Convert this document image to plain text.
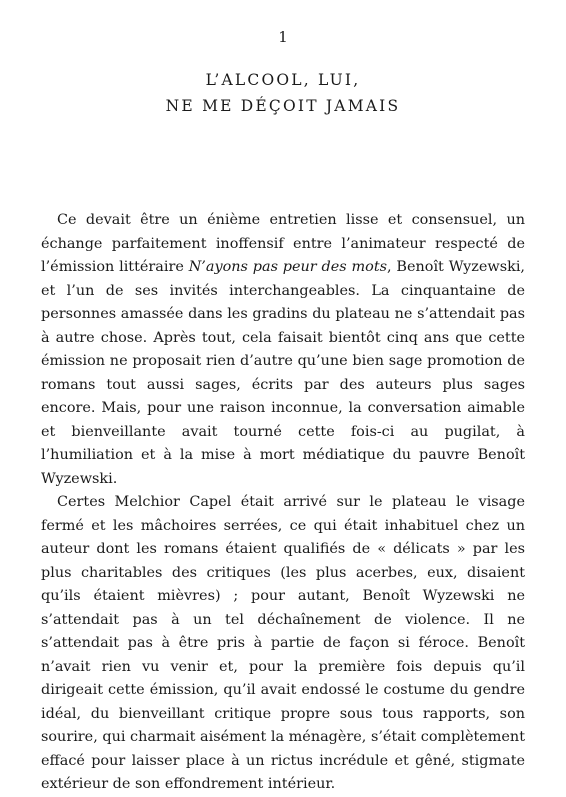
1
L’ALCOOL, LUI,
NE ME DÉÇOIT JAMAIS

Ce devait être un énième entretien lisse et consensuel, un échange parfaitement inoffensif entre l’animateur respecté de l’émission littéraire N’ayons pas peur des mots, Benoît Wyzewski, et l’un de ses invités interchangeables. La cinquantaine de personnes amassée dans les gradins du plateau ne s’attendait pas à autre chose. Après tout, cela faisait bientôt cinq ans que cette émission ne proposait rien d’autre qu’une bien sage promotion de romans tout aussi sages, écrits par des auteurs plus sages encore. Mais, pour une raison inconnue, la conversation aimable et bienveillante avait tourné cette fois-ci au pugilat, à l’humiliation et à la mise à mort médiatique du pauvre Benoît Wyzewski.

Certes Melchior Capel était arrivé sur le plateau le visage fermé et les mâchoires serrées, ce qui était inhabituel chez un auteur dont les romans étaient qualifiés de « délicats » par les plus charitables des critiques (les plus acerbes, eux, disaient qu’ils étaient mièvres) ; pour autant, Benoît Wyzewski ne s’attendait pas à un tel déchaînement de violence. Il ne s’attendait pas à être pris à partie de façon si féroce. Benoît n’avait rien vu venir et, pour la première fois depuis qu’il dirigeait cette émission, qu’il avait endossé le costume du gendre idéal, du bienveillant critique propre sous tous rapports, son sourire, qui charmait aisément la ménagère, s’était complètement effacé pour laisser place à un rictus incrédule et gêné, stigmate extérieur de son effondrement intérieur.
